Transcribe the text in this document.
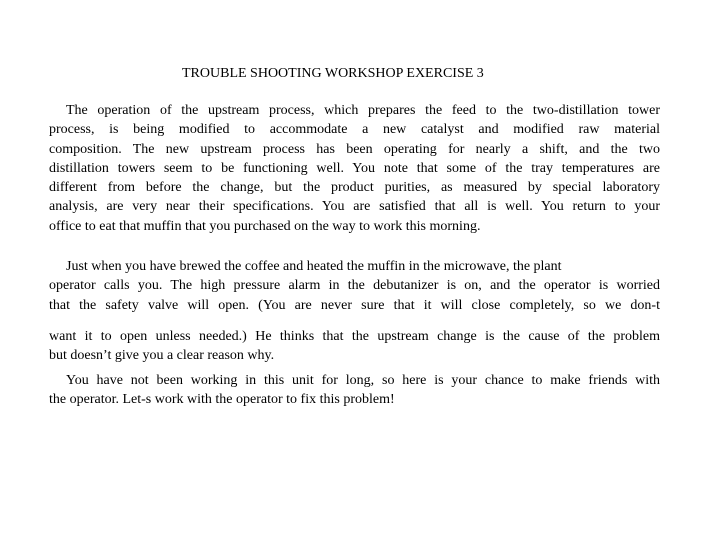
TROUBLE SHOOTING WORKSHOP EXERCISE 3
The operation of the upstream process, which prepares the feed to the two-distillation tower
process, is being modified to accommodate a new catalyst and modified raw material
composition. The new upstream process has been operating for nearly a shift, and the two
distillation towers seem to be functioning well. You note that some of the tray temperatures are
different from before the change, but the product purities, as measured by special laboratory
analysis, are very near their specifications. You are satisfied that all is well. You return to your
office to eat that muffin that you purchased on the way to work this morning.
Just when you have brewed the coffee and heated the muffin in the microwave, the plant
operator calls you. The high pressure alarm in the debutanizer is on, and the operator is worried
that the safety valve will open. (You are never sure that it will close completely, so we don-t
want it to open unless needed.) He thinks that the upstream change is the cause of the problem
but doesn’t give you a clear reason why.
You have not been working in this unit for long, so here is your chance to make friends with
the operator. Let-s work with the operator to fix this problem!
